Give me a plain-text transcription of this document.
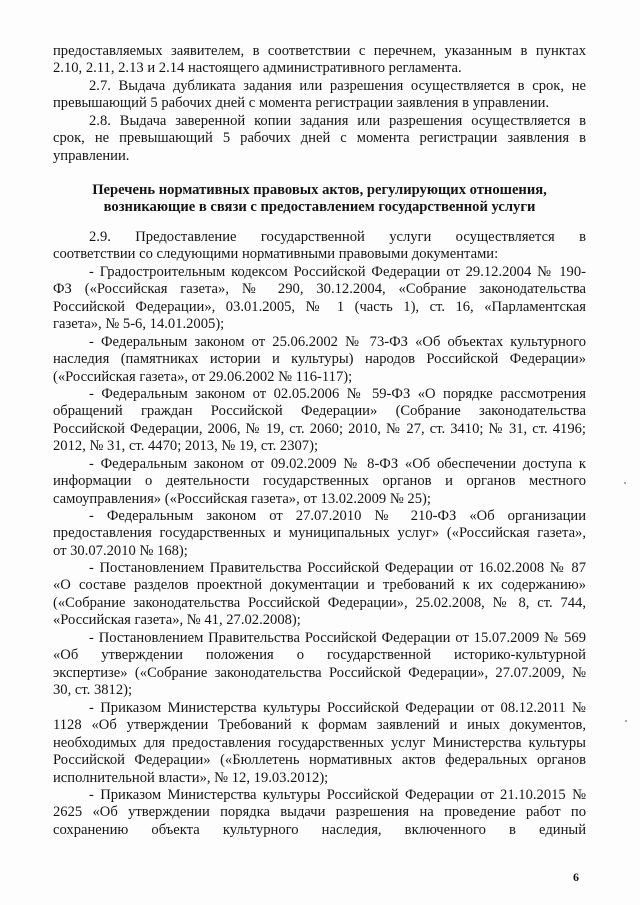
предоставляемых заявителем, в соответствии с перечнем, указанным в пунктах
2.10, 2.11, 2.13 и 2.14 настоящего административного регламента.
2.7. Выдача дубликата задания или разрешения осуществляется в срок, не
превышающий 5 рабочих дней с момента регистрации заявления в управлении.
2.8. Выдача заверенной копии задания или разрешения осуществляется в
срок, не превышающий 5 рабочих дней с момента регистрации заявления в
управлении.
Перечень нормативных правовых актов, регулирующих отношения,
возникающие в связи с предоставлением государственной услуги
2.9. Предоставление государственной услуги осуществляется в
соответствии со следующими нормативными правовыми документами:
- Градостроительным кодексом Российской Федерации от 29.12.2004 № 190-
ФЗ («Российская газета», № 290, 30.12.2004, «Собрание законодательства
Российской Федерации», 03.01.2005, № 1 (часть 1), ст. 16, «Парламентская
газета», № 5-6, 14.01.2005);
- Федеральным законом от 25.06.2002 № 73-ФЗ «Об объектах культурного
наследия (памятниках истории и культуры) народов Российской Федерации»
(«Российская газета», от 29.06.2002 № 116-117);
- Федеральным законом от 02.05.2006 № 59-ФЗ «О порядке рассмотрения
обращений граждан Российской Федерации» (Собрание законодательства
Российской Федерации, 2006, № 19, ст. 2060; 2010, № 27, ст. 3410; № 31, ст. 4196;
2012, № 31, ст. 4470; 2013, № 19, ст. 2307);
- Федеральным законом от 09.02.2009 № 8-ФЗ «Об обеспечении доступа к
информации о деятельности государственных органов и органов местного
самоуправления» («Российская газета», от 13.02.2009 № 25);
- Федеральным законом от 27.07.2010 № 210-ФЗ «Об организации
предоставления государственных и муниципальных услуг» («Российская газета»,
от 30.07.2010 № 168);
- Постановлением Правительства Российской Федерации от 16.02.2008 № 87
«О составе разделов проектной документации и требований к их содержанию»
(«Собрание законодательства Российской Федерации», 25.02.2008, № 8, ст. 744,
«Российская газета», № 41, 27.02.2008);
- Постановлением Правительства Российской Федерации от 15.07.2009 № 569
«Об утверждении положения о государственной историко-культурной
экспертизе» («Собрание законодательства Российской Федерации», 27.07.2009, №
30, ст. 3812);
- Приказом Министерства культуры Российской Федерации от 08.12.2011 №
1128 «Об утверждении Требований к формам заявлений и иных документов,
необходимых для предоставления государственных услуг Министерства культуры
Российской Федерации» («Бюллетень нормативных актов федеральных органов
исполнительной власти», № 12, 19.03.2012);
- Приказом Министерства культуры Российской Федерации от 21.10.2015 №
2625 «Об утверждении порядка выдачи разрешения на проведение работ по
сохранению объекта культурного наследия, включенного в единый
6
